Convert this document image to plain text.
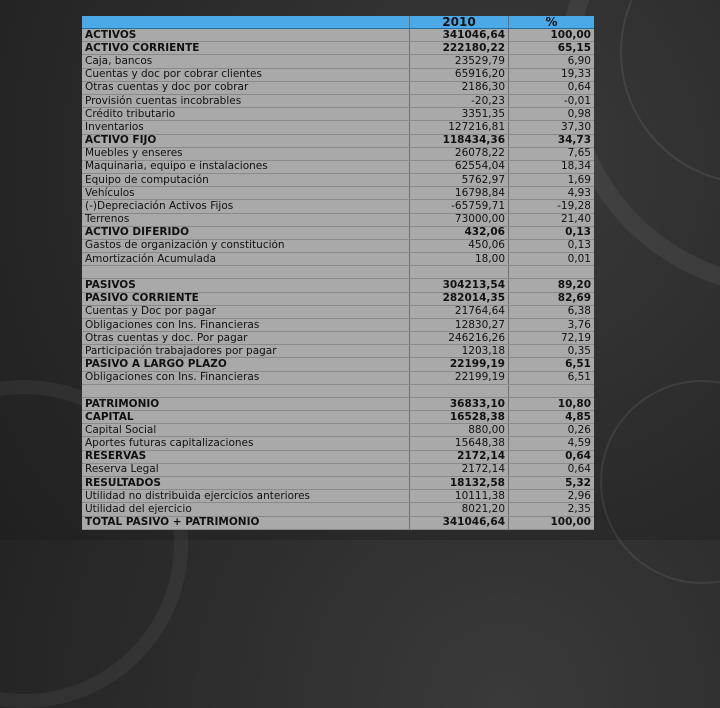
	2010	%
ACTIVOS	341046,64	100,00
ACTIVO CORRIENTE	222180,22	65,15
Caja, bancos	23529,79	6,90
Cuentas y doc por cobrar clientes	65916,20	19,33
Otras cuentas y doc por cobrar	2186,30	0,64
Provisión cuentas incobrables	-20,23	-0,01
Crédito tributario	3351,35	0,98
Inventarios	127216,81	37,30
ACTIVO FIJO	118434,36	34,73
Muebles y enseres	26078,22	7,65
Maquinaria, equipo e instalaciones	62554,04	18,34
Equipo de computación	5762,97	1,69
Vehículos	16798,84	4,93
(-)Depreciación Activos Fijos	-65759,71	-19,28
Terrenos	73000,00	21,40
ACTIVO DIFERIDO	432,06	0,13
Gastos de organización y constitución	450,06	0,13
Amortización Acumulada	18,00	0,01

PASIVOS	304213,54	89,20
PASIVO CORRIENTE	282014,35	82,69
Cuentas y Doc por pagar	21764,64	6,38
Obligaciones con Ins. Financieras	12830,27	3,76
Otras cuentas y doc. Por pagar	246216,26	72,19
Participación trabajadores por pagar	1203,18	0,35
PASIVO A LARGO PLAZO	22199,19	6,51
Obligaciones con Ins. Financieras	22199,19	6,51

PATRIMONIO	36833,10	10,80
CAPITAL	16528,38	4,85
Capital Social	880,00	0,26
Aportes futuras capitalizaciones	15648,38	4,59
RESERVAS	2172,14	0,64
Reserva Legal	2172,14	0,64
RESULTADOS	18132,58	5,32
Utilidad no distribuida ejercicios anteriores	10111,38	2,96
Utilidad del ejercicio	8021,20	2,35
TOTAL PASIVO + PATRIMONIO	341046,64	100,00
